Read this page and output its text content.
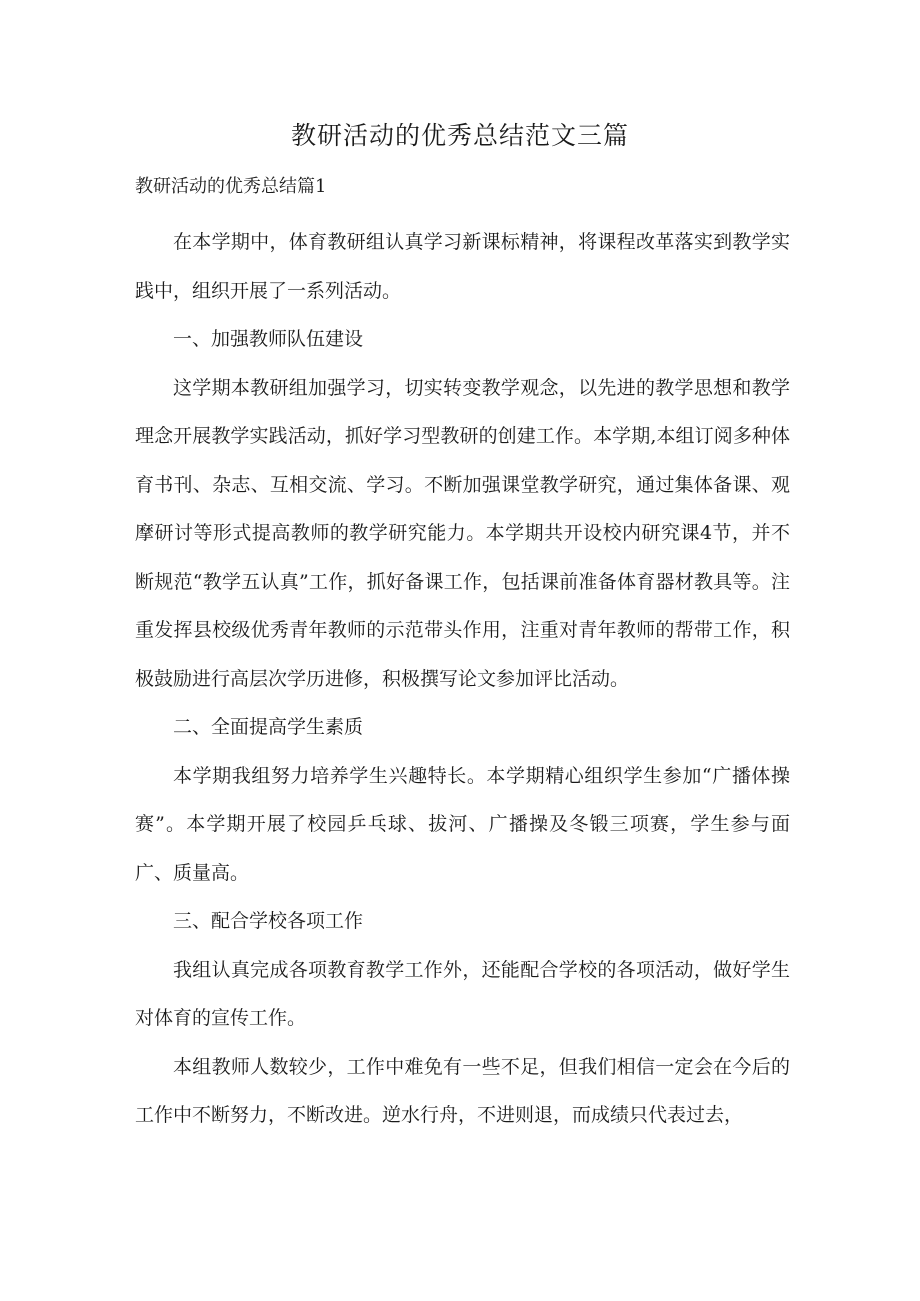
教研活动的优秀总结范文三篇
教研活动的优秀总结篇1

在本学期中，体育教研组认真学习新课标精神，将课程改革落实到教学实践中，组织开展了一系列活动。

一、加强教师队伍建设

这学期本教研组加强学习，切实转变教学观念，以先进的教学思想和教学理念开展教学实践活动，抓好学习型教研的创建工作。本学期,本组订阅多种体育书刊、杂志、互相交流、学习。不断加强课堂教学研究，通过集体备课、观摩研讨等形式提高教师的教学研究能力。本学期共开设校内研究课4节，并不断规范“教学五认真”工作，抓好备课工作，包括课前准备体育器材教具等。注重发挥县校级优秀青年教师的示范带头作用，注重对青年教师的帮带工作，积极鼓励进行高层次学历进修，积极撰写论文参加评比活动。

二、全面提高学生素质

本学期我组努力培养学生兴趣特长。本学期精心组织学生参加“广播体操赛”。本学期开展了校园乒乓球、拔河、广播操及冬锻三项赛，学生参与面广、质量高。

三、配合学校各项工作

我组认真完成各项教育教学工作外，还能配合学校的各项活动，做好学生对体育的宣传工作。

本组教师人数较少，工作中难免有一些不足，但我们相信一定会在今后的工作中不断努力，不断改进。逆水行舟，不进则退，而成绩只代表过去，
